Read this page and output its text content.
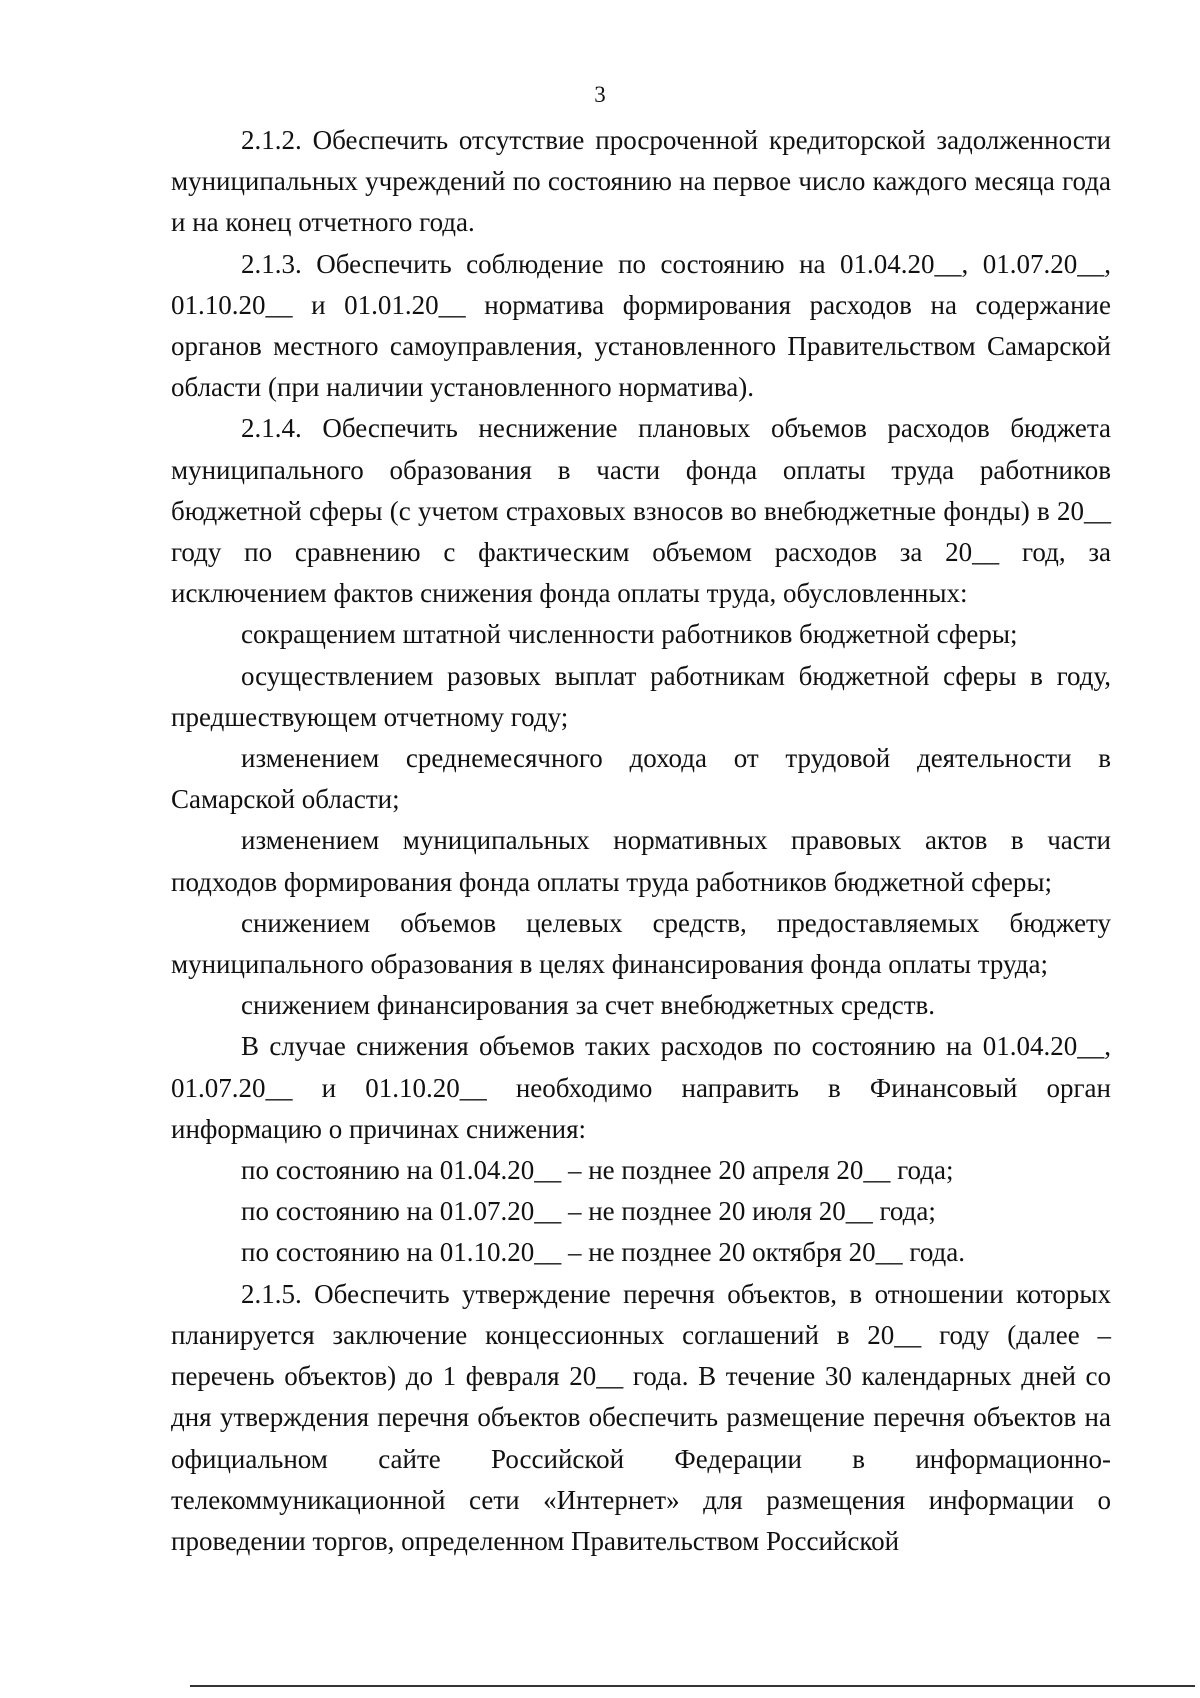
3

2.1.2. Обеспечить отсутствие просроченной кредиторской задолженности муниципальных учреждений по состоянию на первое число каждого месяца года и на конец отчетного года.

2.1.3. Обеспечить соблюдение по состоянию на 01.04.20__, 01.07.20__, 01.10.20__ и 01.01.20__ норматива формирования расходов на содержание органов местного самоуправления, установленного Правительством Самарской области (при наличии установленного норматива).

2.1.4. Обеспечить неснижение плановых объемов расходов бюджета муниципального образования в части фонда оплаты труда работников бюджетной сферы (с учетом страховых взносов во внебюджетные фонды) в 20__ году по сравнению с фактическим объемом расходов за 20__ год, за исключением фактов снижения фонда оплаты труда, обусловленных:

сокращением штатной численности работников бюджетной сферы;

осуществлением разовых выплат работникам бюджетной сферы в году, предшествующем отчетному году;

изменением среднемесячного дохода от трудовой деятельности в Самарской области;

изменением муниципальных нормативных правовых актов в части подходов формирования фонда оплаты труда работников бюджетной сферы;

снижением объемов целевых средств, предоставляемых бюджету муниципального образования в целях финансирования фонда оплаты труда;

снижением финансирования за счет внебюджетных средств.

В случае снижения объемов таких расходов по состоянию на 01.04.20__, 01.07.20__ и 01.10.20__ необходимо направить в Финансовый орган информацию о причинах снижения:

по состоянию на 01.04.20__ – не позднее 20 апреля 20__ года;

по состоянию на 01.07.20__ – не позднее 20 июля 20__ года;

по состоянию на 01.10.20__ – не позднее 20 октября 20__ года.

2.1.5. Обеспечить утверждение перечня объектов, в отношении которых планируется заключение концессионных соглашений в 20__ году (далее – перечень объектов) до 1 февраля 20__ года. В течение 30 календарных дней со дня утверждения перечня объектов обеспечить размещение перечня объектов на официальном сайте Российской Федерации в информационно-телекоммуникационной сети «Интернет» для размещения информации о проведении торгов, определенном Правительством Российской
